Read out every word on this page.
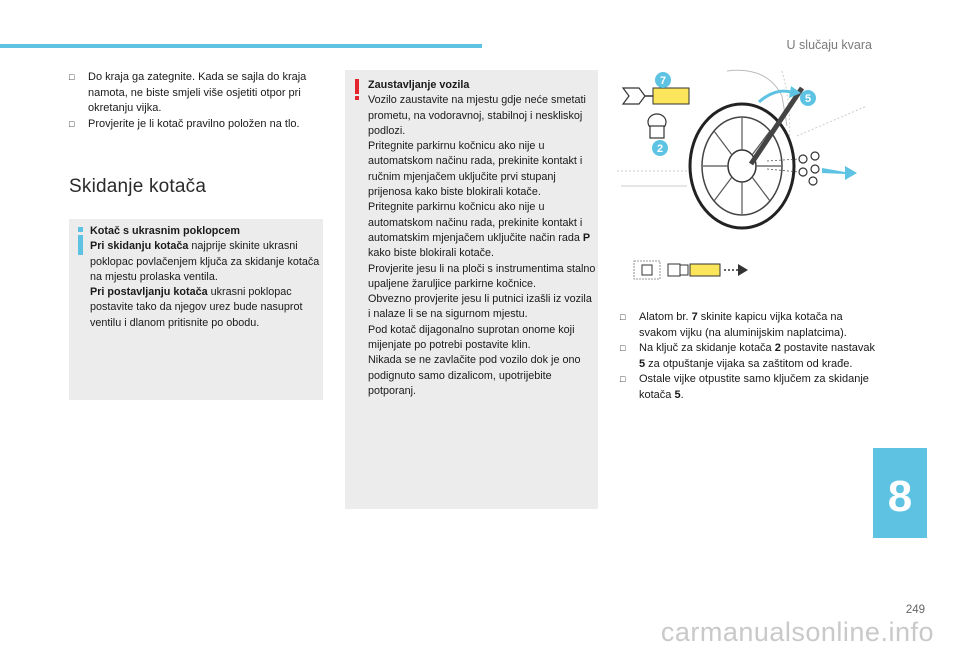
U slučaju kvara

□ Do kraja ga zategnite. Kada se sajla do kraja namota, ne biste smjeli više osjetiti otpor pri okretanju vijka.

□ Provjerite je li kotač pravilno položen na tlo.

Skidanje kotača
Kotač s ukrasnim poklopcem
Pri skidanju kotača najprije skinite ukrasni poklopac povlačenjem ključa za skidanje kotača na mjestu prolaska ventila.
Pri postavljanju kotača ukrasni poklopac postavite tako da njegov urez bude nasuprot ventilu i dlanom pritisnite po obodu.
Zaustavljanje vozila
Vozilo zaustavite na mjestu gdje neće smetati prometu, na vodoravnoj, stabilnoj i neskliskoj podlozi.
Pritegnite parkirnu kočnicu ako nije u automatskom načinu rada, prekinite kontakt i ručnim mjenjačem uključite prvi stupanj prijenosa kako biste blokirali kotače.
Pritegnite parkirnu kočnicu ako nije u automatskom načinu rada, prekinite kontakt i automatskim mjenjačem uključite način rada P kako biste blokirali kotače.
Provjerite jesu li na ploči s instrumentima stalno upaljene žaruljice parkirne kočnice.
Obvezno provjerite jesu li putnici izašli iz vozila i nalaze li se na sigurnom mjestu.
Pod kotač dijagonalno suprotan onome koji mijenjate po potrebi postavite klin.
Nikada se ne zavlačite pod vozilo dok je ono podignuto samo dizalicom, upotrijebite potporanj.
7
5
2

□ Alatom br. 7 skinite kapicu vijka kotača na svakom vijku (na aluminijskim naplatcima).

□ Na ključ za skidanje kotača 2 postavite nastavak 5 za otpuštanje vijaka sa zaštitom od krađe.

□ Ostale vijke otpustite samo ključem za skidanje kotača 5.

8
249
carmanualsonline.info
